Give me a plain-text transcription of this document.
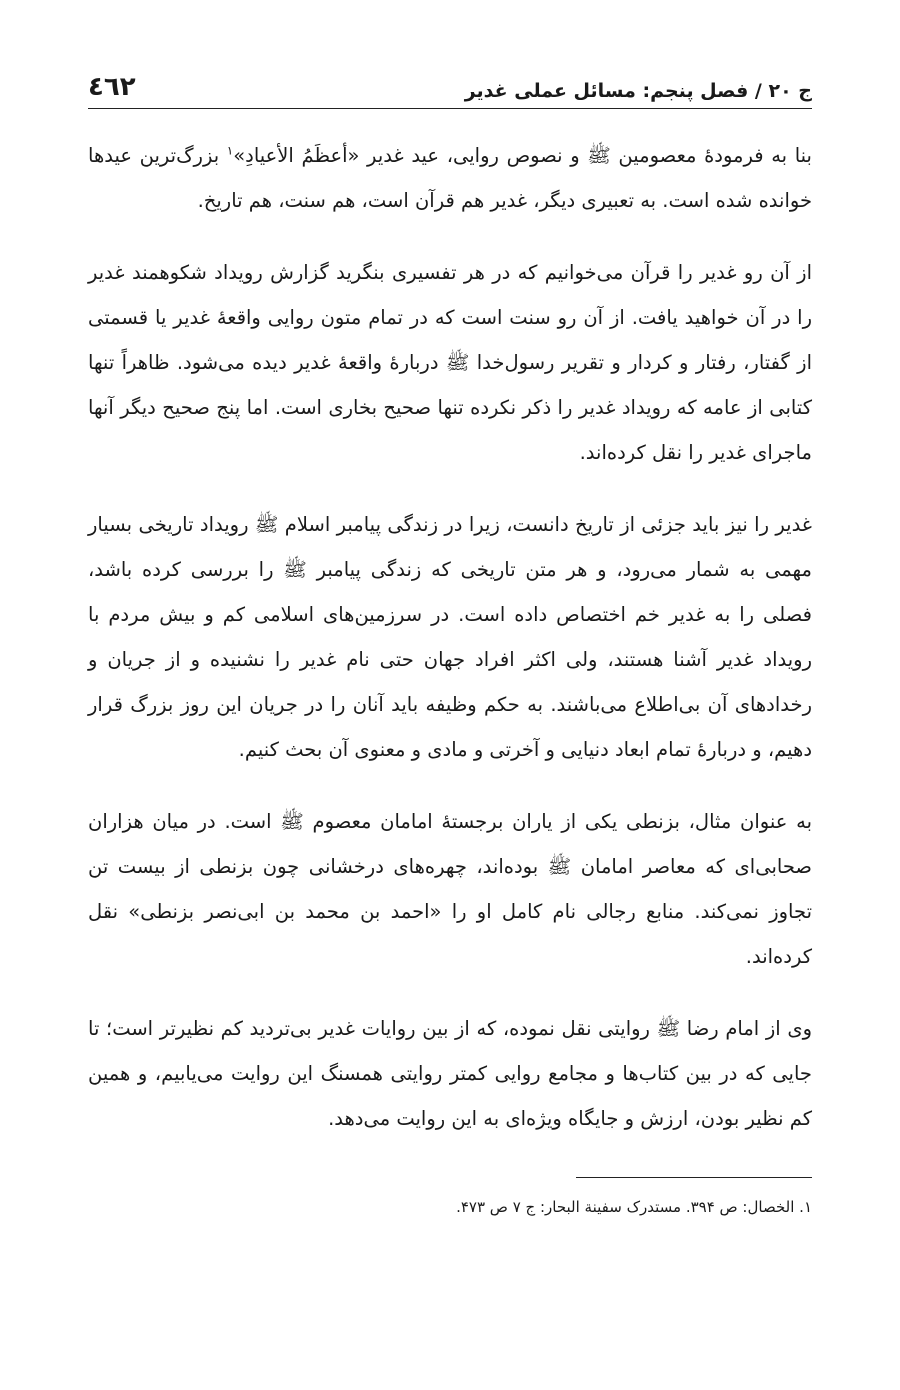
ج ۲۰ / فصل پنجم: مسائل عملی غدیر
٤٦٢

بنا به فرمودهٔ معصومین ﷺ و نصوص روایی، عید غدیر «أعظَمُ الأعیادِ»$^۱$ بزرگ‌ترین عیدها خوانده شده است. به تعبیری دیگر، غدیر هم قرآن است، هم سنت، هم تاریخ.

از آن رو غدیر را قرآن می‌خوانیم که در هر تفسیری بنگرید گزارش رویداد شکوهمند غدیر را در آن خواهید یافت. از آن رو سنت است که در تمام متون روایی واقعهٔ غدیر یا قسمتی از گفتار، رفتار و کردار و تقریر رسول‌خدا ﷺ دربارهٔ واقعهٔ غدیر دیده می‌شود. ظاهراً تنها کتابی از عامه که رویداد غدیر را ذکر نکرده تنها صحیح بخاری است. اما پنج صحیح دیگر آنها ماجرای غدیر را نقل کرده‌اند.

غدیر را نیز باید جزئی از تاریخ دانست، زیرا در زندگی پیامبر اسلام ﷺ رویداد تاریخی بسیار مهمی به شمار می‌رود، و هر متن تاریخی که زندگی پیامبر ﷺ را بررسی کرده باشد، فصلی را به غدیر خم اختصاص داده است. در سرزمین‌های اسلامی کم و بیش مردم با رویداد غدیر آشنا هستند، ولی اکثر افراد جهان حتی نام غدیر را نشنیده و از جریان و رخدادهای آن بی‌اطلاع می‌باشند. به حکم وظیفه باید آنان را در جریان این روز بزرگ قرار دهیم، و دربارهٔ تمام ابعاد دنیایی و آخرتی و مادی و معنوی آن بحث کنیم.

به عنوان مثال، بزنطی یکی از یاران برجستهٔ امامان معصوم ﷺ است. در میان هزاران صحابی‌ای که معاصر امامان ﷺ بوده‌اند، چهره‌های درخشانی چون بزنطی از بیست تن تجاوز نمی‌کند. منابع رجالی نام کامل او را «احمد بن محمد بن ابی‌نصر بزنطی» نقل کرده‌اند.

وی از امام رضا ﷺ روایتی نقل نموده، که از بین روایات غدیر بی‌تردید کم نظیرتر است؛ تا جایی که در بین کتاب‌ها و مجامع روایی کمتر روایتی همسنگ این روایت می‌یابیم، و همین کم نظیر بودن، ارزش و جایگاه ویژه‌ای به این روایت می‌دهد.

۱. الخصال: ص ۳۹۴. مستدرک سفینة البحار: ج ۷ ص ۴۷۳.
